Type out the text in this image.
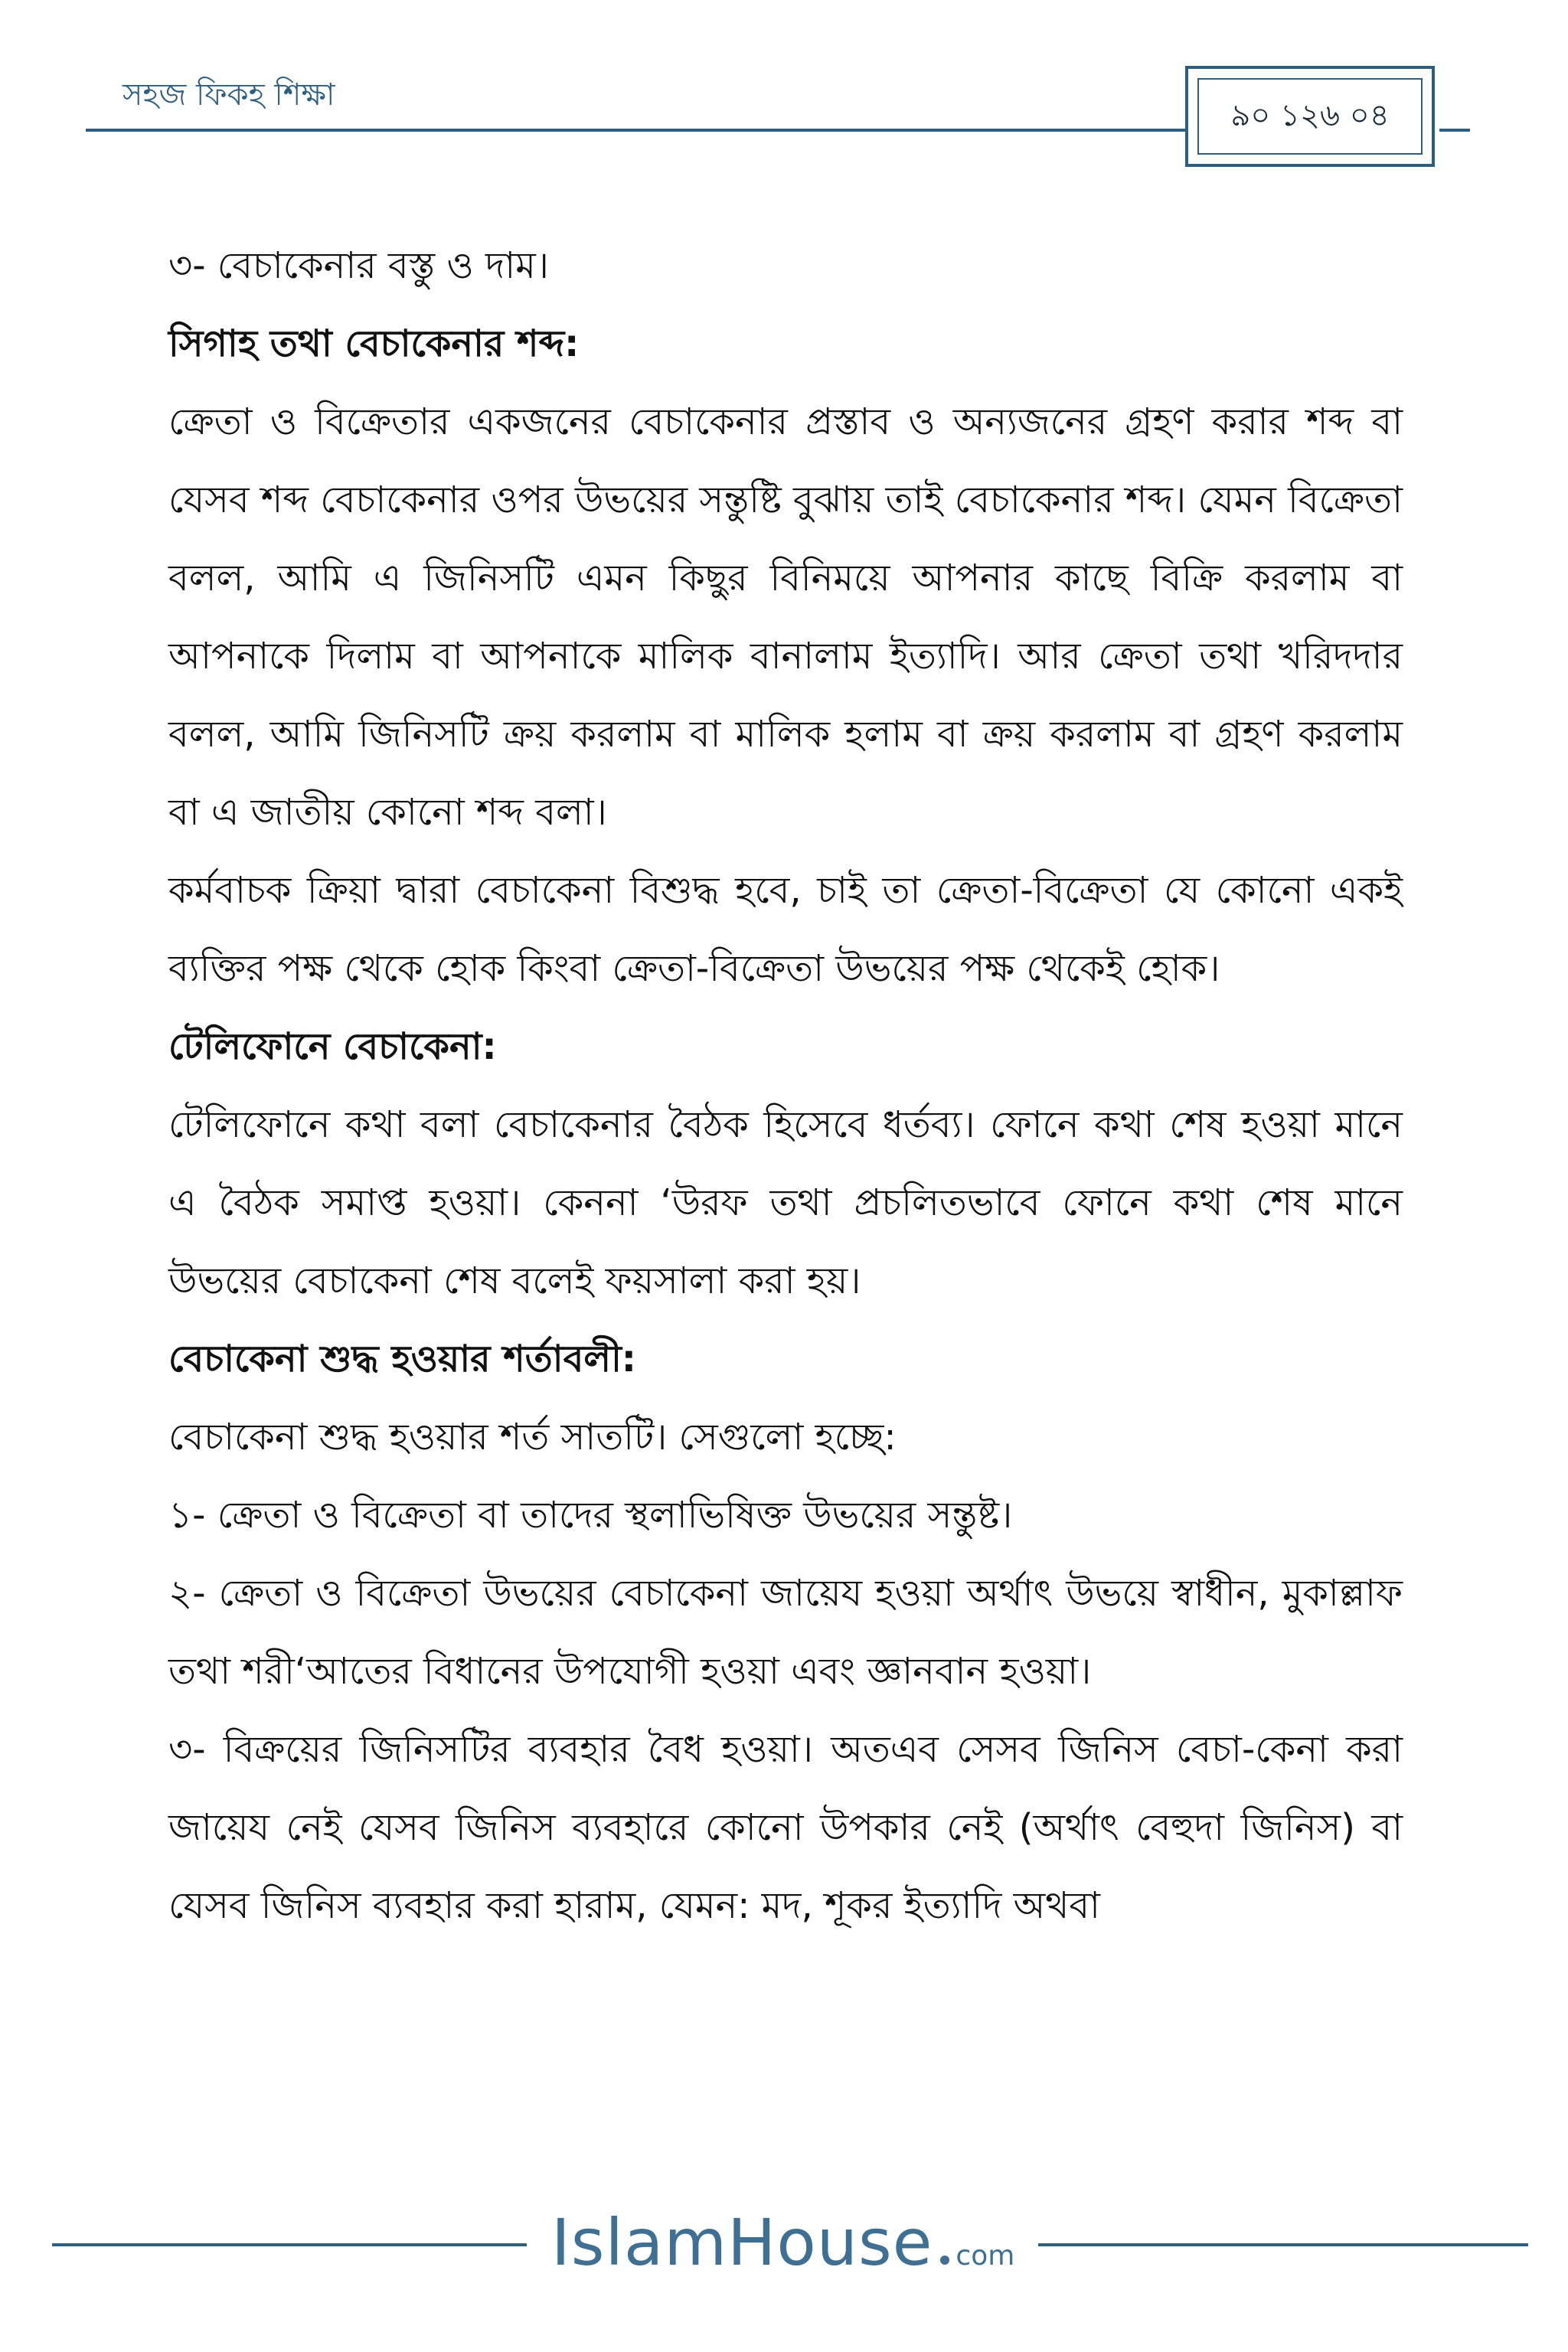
সহজ ফিকহ শিক্ষা
৯০ ১২৬ ০৪

৩- বেচাকেনার বস্তু ও দাম।

সিগাহ তথা বেচাকেনার শব্দ:

ক্রেতা ও বিক্রেতার একজনের বেচাকেনার প্রস্তাব ও অন্যজনের গ্রহণ করার শব্দ বা যেসব শব্দ বেচাকেনার ওপর উভয়ের সন্তুষ্টি বুঝায় তাই বেচাকেনার শব্দ। যেমন বিক্রেতা বলল, আমি এ জিনিসটি এমন কিছুর বিনিময়ে আপনার কাছে বিক্রি করলাম বা আপনাকে দিলাম বা আপনাকে মালিক বানালাম ইত্যাদি। আর ক্রেতা তথা খরিদদার বলল, আমি জিনিসটি ক্রয় করলাম বা মালিক হলাম বা ক্রয় করলাম বা গ্রহণ করলাম বা এ জাতীয় কোনো শব্দ বলা।

কর্মবাচক ক্রিয়া দ্বারা বেচাকেনা বিশুদ্ধ হবে, চাই তা ক্রেতা-বিক্রেতা যে কোনো একই ব্যক্তির পক্ষ থেকে হোক কিংবা ক্রেতা-বিক্রেতা উভয়ের পক্ষ থেকেই হোক।

টেলিফোনে বেচাকেনা:

টেলিফোনে কথা বলা বেচাকেনার বৈঠক হিসেবে ধর্তব্য। ফোনে কথা শেষ হওয়া মানে এ বৈঠক সমাপ্ত হওয়া। কেননা ‘উরফ তথা প্রচলিতভাবে ফোনে কথা শেষ মানে উভয়ের বেচাকেনা শেষ বলেই ফয়সালা করা হয়।

বেচাকেনা শুদ্ধ হওয়ার শর্তাবলী:

বেচাকেনা শুদ্ধ হওয়ার শর্ত সাতটি। সেগুলো হচ্ছে:

১- ক্রেতা ও বিক্রেতা বা তাদের স্থলাভিষিক্ত উভয়ের সন্তুষ্ট।

২- ক্রেতা ও বিক্রেতা উভয়ের বেচাকেনা জায়েয হওয়া অর্থাৎ উভয়ে স্বাধীন, মুকাল্লাফ তথা শরী‘আতের বিধানের উপযোগী হওয়া এবং জ্ঞানবান হওয়া।

৩- বিক্রয়ের জিনিসটির ব্যবহার বৈধ হওয়া। অতএব সেসব জিনিস বেচা-কেনা করা জায়েয নেই যেসব জিনিস ব্যবহারে কোনো উপকার নেই (অর্থাৎ বেহুদা জিনিস) বা যেসব জিনিস ব্যবহার করা হারাম, যেমন: মদ, শূকর ইত্যাদি অথবা

IslamHouse com
